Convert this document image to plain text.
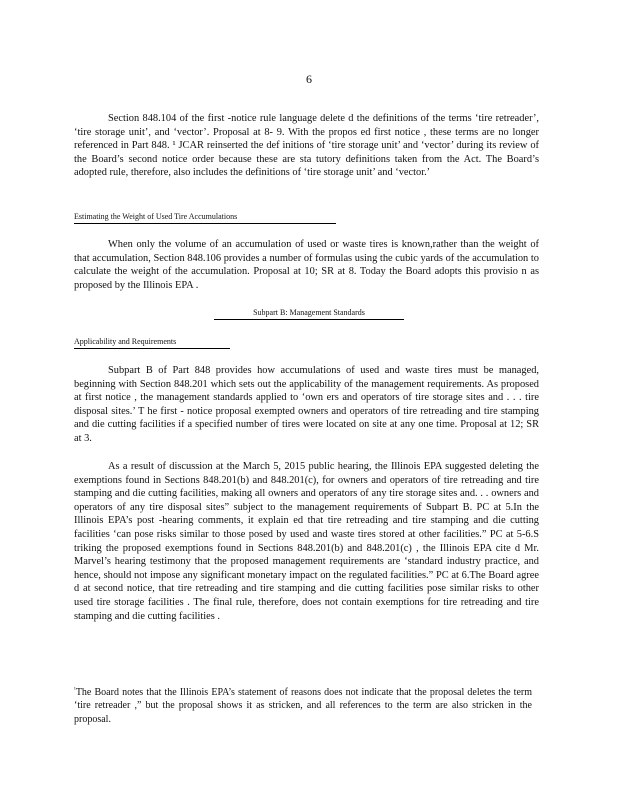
6

Section 848.104 of the first -notice rule language delete d the definitions of the terms ‘tire retreader’, ‘tire storage unit’, and ‘vector’. Proposal at 8- 9. With the propos ed first notice , these terms are no longer referenced in Part 848. ¹ JCAR reinserted the def initions of ‘tire storage unit’ and ‘vector’ during its review of the Board’s second notice order because these are sta tutory definitions taken from the Act. The Board’s adopted rule, therefore, also includes the definitions of ‘tire storage unit’ and ‘vector.’

Estimating the Weight of Used Tire Accumulations

When only the volume of an accumulation of used or waste tires is known,rather than the weight of that accumulation, Section 848.106 provides a number of formulas using the cubic yards of the accumulation to calculate the weight of the accumulation. Proposal at 10; SR at 8. Today the Board adopts this provisio n as proposed by the Illinois EPA .

Subpart B: Management Standards
Applicability and Requirements

Subpart B of Part 848 provides how accumulations of used and waste tires must be managed, beginning with Section 848.201 which sets out the applicability of the management requirements. As proposed at first notice , the management standards applied to ‘own ers and operators of tire storage sites and . . . tire disposal sites.’ T he first - notice proposal exempted owners and operators of tire retreading and tire stamping and die cutting facilities if a specified number of tires were located on site at any one time. Proposal at 12; SR at 3.

As a result of discussion at the March 5, 2015 public hearing, the Illinois EPA suggested deleting the exemptions found in Sections 848.201(b) and 848.201(c), for owners and operators of tire retreading and tire stamping and die cutting facilities, making all owners and operators of any tire storage sites and. . . owners and operators of any tire disposal sites” subject to the management requirements of Subpart B. PC at 5.In the Illinois EPA’s post -hearing comments, it explain ed that tire retreading and tire stamping and die cutting facilities ‘can pose risks similar to those posed by used and waste tires stored at other facilities.” PC at 5-6.S triking the proposed exemptions found in Sections 848.201(b) and 848.201(c) , the Illinois EPA cite d Mr. Marvel’s hearing testimony that the proposed management requirements are ‘standard industry practice, and hence, should not impose any significant monetary impact on the regulated facilities.” PC at 6.The Board agree d at second notice, that tire retreading and tire stamping and die cutting facilities pose similar risks to other used tire storage facilities . The final rule, therefore, does not contain exemptions for tire retreading and tire stamping and die cutting facilities .

$^{^1}$The Board notes that the Illinois EPA’s statement of reasons does not indicate that the proposal deletes the term ‘tire retreader ,” but the proposal shows it as stricken, and all references to the term are also stricken in the proposal.
